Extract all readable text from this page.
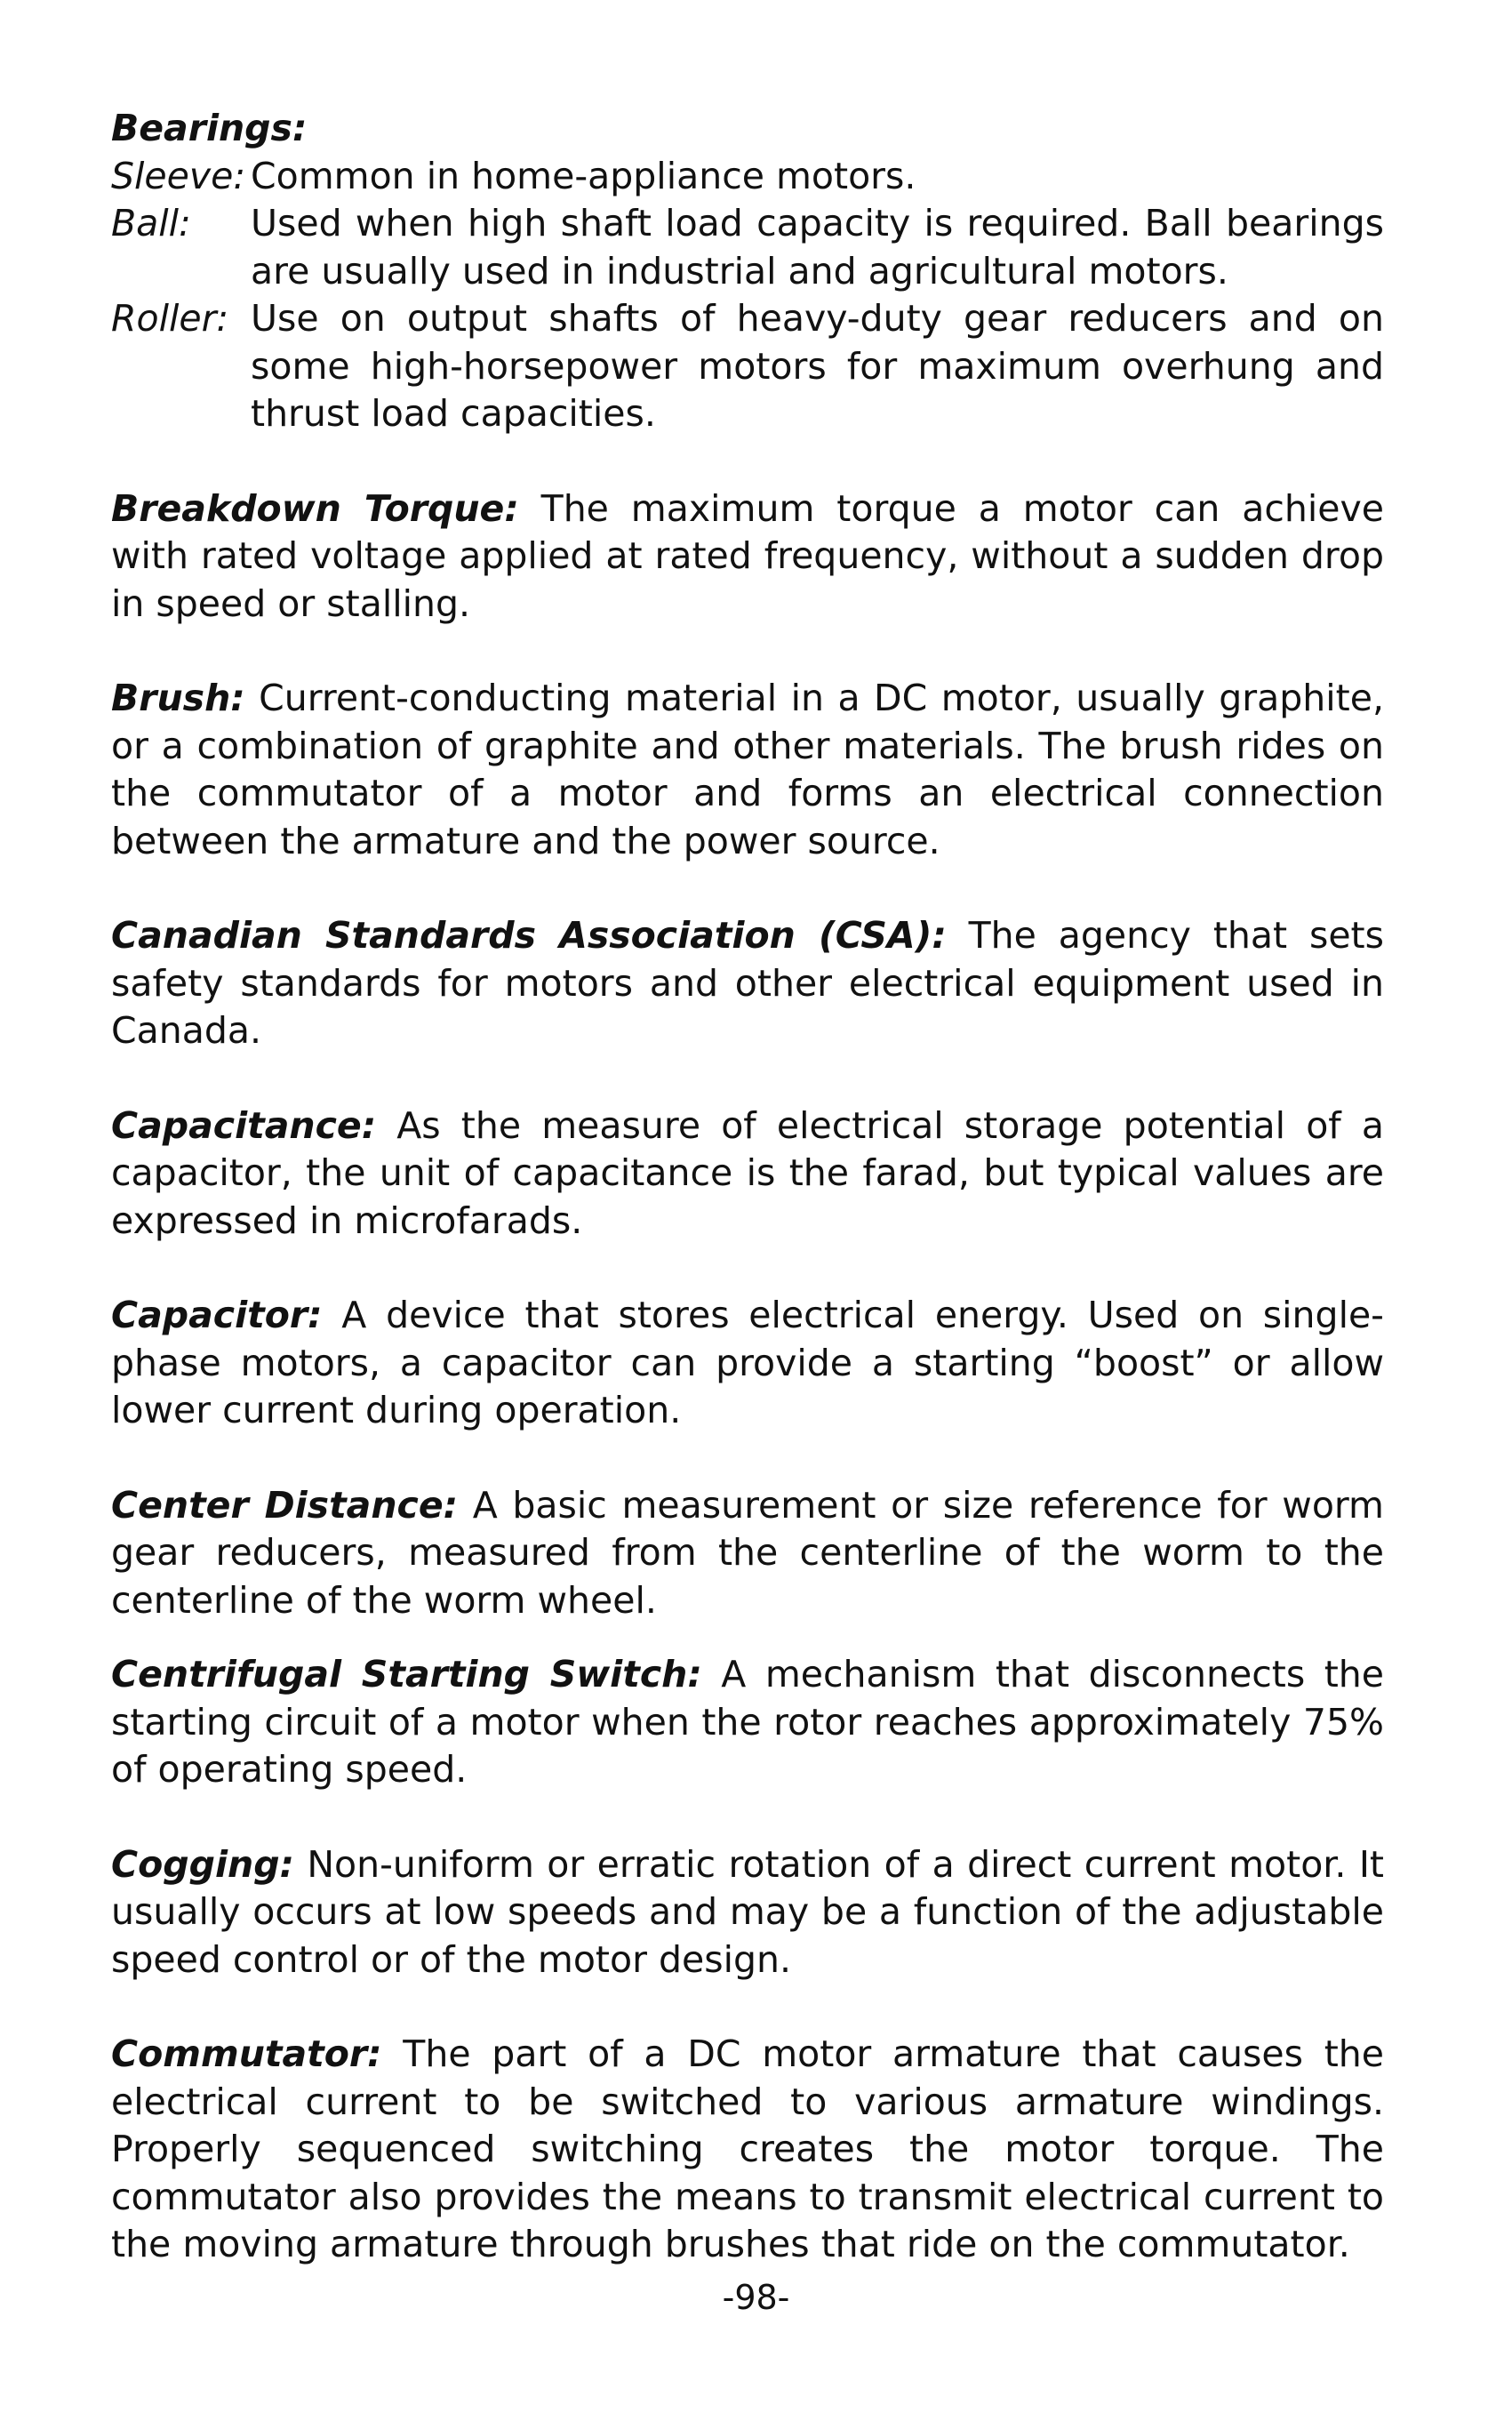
Bearings:
Sleeve: Common in home-appliance motors.
Ball:	Used when high shaft load capacity is required. Ball bearings are usually used in industrial and agricultural motors.
Roller: Use on output shafts of heavy-duty gear reducers and on some high-horsepower motors for maximum overhung and thrust load capacities.

Breakdown Torque: The maximum torque a motor can achieve with rated voltage applied at rated frequency, without a sudden drop in speed or stalling.

Brush: Current-conducting material in a DC motor, usually graphite, or a combination of graphite and other materials. The brush rides on the commutator of a motor and forms an electrical connection between the armature and the power source.

Canadian Standards Association (CSA): The agency that sets safety standards for motors and other electrical equipment used in Canada.

Capacitance: As the measure of electrical storage potential of a capacitor, the unit of capacitance is the farad, but typical values are expressed in microfarads.

Capacitor: A device that stores electrical energy. Used on single-phase motors, a capacitor can provide a starting “boost” or allow lower current during operation.

Center Distance: A basic measurement or size reference for worm gear reducers, measured from the centerline of the worm to the centerline of the worm wheel.

Centrifugal Starting Switch: A mechanism that disconnects the starting circuit of a motor when the rotor reaches approximately 75% of operating speed.

Cogging: Non-uniform or erratic rotation of a direct current motor. It usually occurs at low speeds and may be a function of the adjustable speed control or of the motor design.

Commutator: The part of a DC motor armature that causes the electrical current to be switched to various armature windings. Properly sequenced switching creates the motor torque. The commutator also provides the means to transmit electrical current to the moving armature through brushes that ride on the commutator.

-98-
